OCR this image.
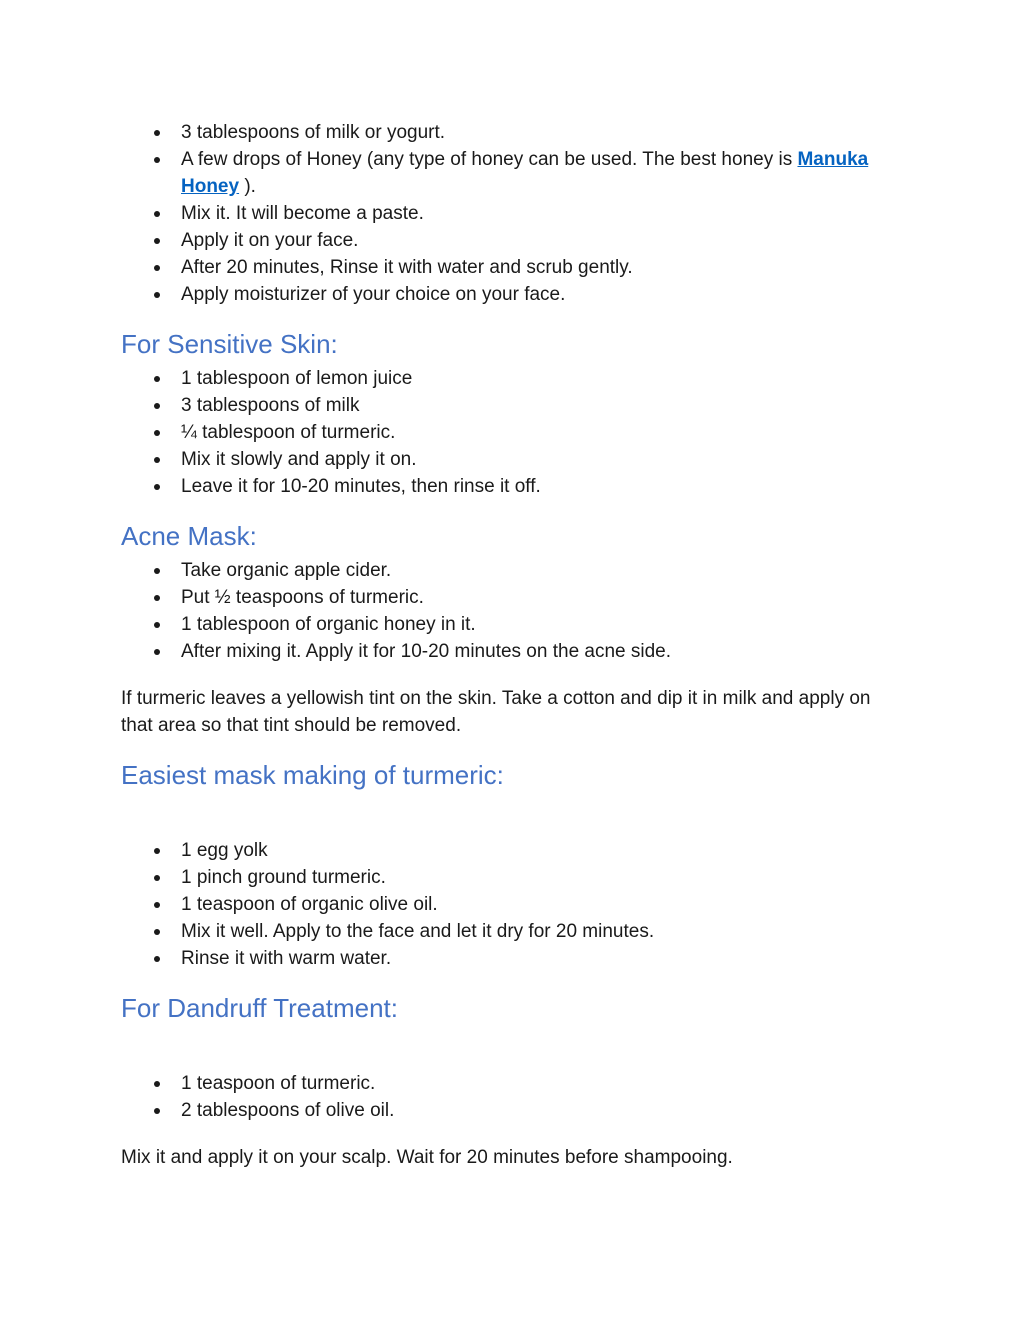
3 tablespoons of milk or yogurt.
A few drops of Honey (any type of honey can be used. The best honey is Manuka Honey ).
Mix it. It will become a paste.
Apply it on your face.
After 20 minutes, Rinse it with water and scrub gently.
Apply moisturizer of your choice on your face.
For Sensitive Skin:
1 tablespoon of lemon juice
3 tablespoons of milk
¼ tablespoon of turmeric.
Mix it slowly and apply it on.
Leave it for 10-20 minutes, then rinse it off.
Acne Mask:
Take organic apple cider.
Put ½ teaspoons of turmeric.
1 tablespoon of organic honey in it.
After mixing it. Apply it for 10-20 minutes on the acne side.

If turmeric leaves a yellowish tint on the skin. Take a cotton and dip it in milk and apply on that area so that tint should be removed.

Easiest mask making of turmeric:
1 egg yolk
1 pinch ground turmeric.
1 teaspoon of organic olive oil.
Mix it well. Apply to the face and let it dry for 20 minutes.
Rinse it with warm water.
For Dandruff Treatment:
1 teaspoon of turmeric.
2 tablespoons of olive oil.

Mix it and apply it on your scalp. Wait for 20 minutes before shampooing.
